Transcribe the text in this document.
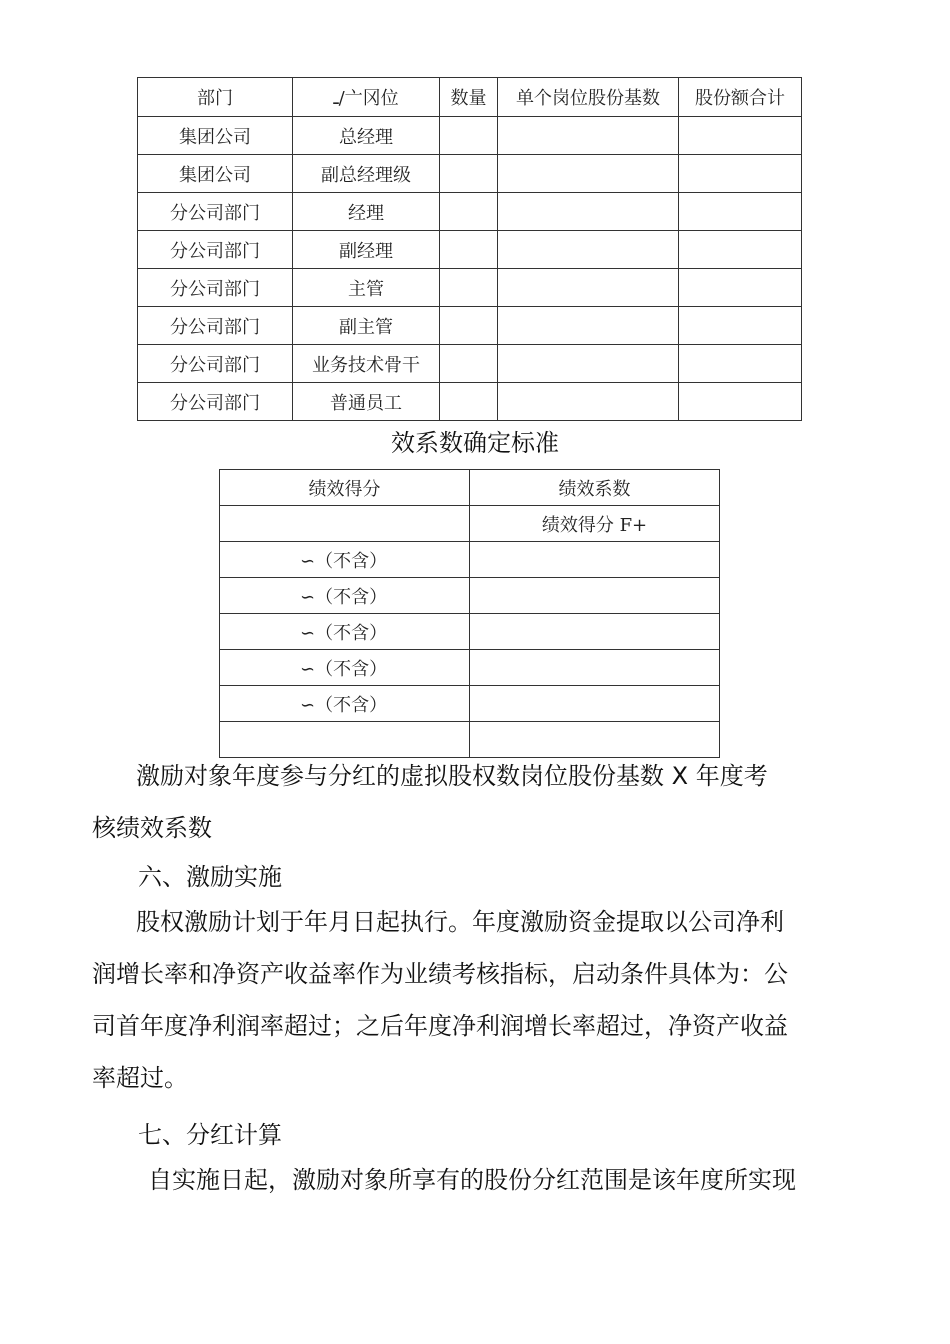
部门	ـ/亠冈位	数量	单个岗位股份基数	股份额合计
集团公司	总经理			
集团公司	副总经理级			
分公司部门	经理			
分公司部门	副经理			
分公司部门	主管			
分公司部门	副主管			
分公司部门	业务技术骨干			
分公司部门	普通员工			
效系数确定标准
绩效得分	绩效系数
	绩效得分 F+
∽（不含）	
∽（不含）	
∽（不含）	
∽（不含）	
∽（不含）	

激励对象年度参与分红的虚拟股权数岗位股份基数 X 年度考
核绩效系数
六、激励实施
股权激励计划于年月日起执行。年度激励资金提取以公司净利
润增长率和净资产收益率作为业绩考核指标，启动条件具体为：公
司首年度净利润率超过；之后年度净利润增长率超过，净资产收益
率超过。
七、分红计算
自实施日起，激励对象所享有的股份分红范围是该年度所实现
